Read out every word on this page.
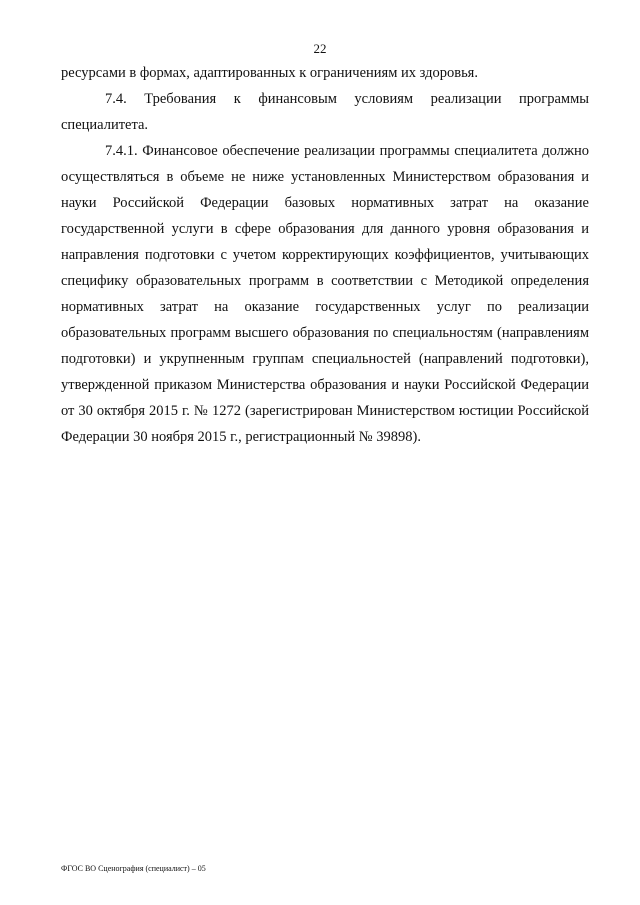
22

ресурсами в формах, адаптированных к ограничениям их здоровья.

7.4. Требования к финансовым условиям реализации программы специалитета.

7.4.1. Финансовое обеспечение реализации программы специалитета должно осуществляться в объеме не ниже установленных Министерством образования и науки Российской Федерации базовых нормативных затрат на оказание государственной услуги в сфере образования для данного уровня образования и направления подготовки с учетом корректирующих коэффициентов, учитывающих специфику образовательных программ в соответствии с Методикой определения нормативных затрат на оказание государственных услуг по реализации образовательных программ высшего образования по специальностям (направлениям подготовки) и укрупненным группам специальностей (направлений подготовки), утвержденной приказом Министерства образования и науки Российской Федерации от 30 октября 2015 г. № 1272 (зарегистрирован Министерством юстиции Российской Федерации 30 ноября 2015 г., регистрационный № 39898).

ФГОС ВО Сценография (специалист) – 05
